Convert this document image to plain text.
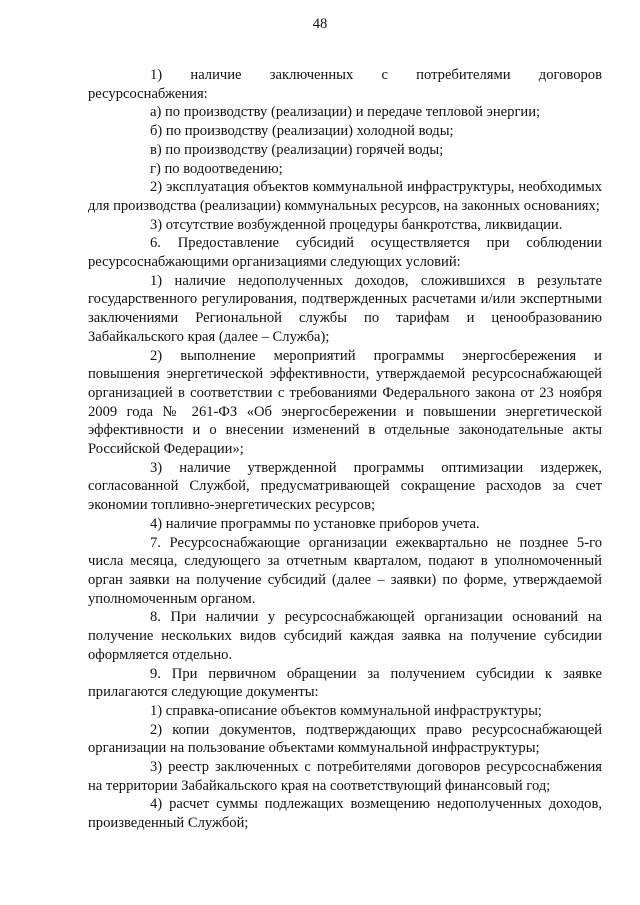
48

1) наличие заключенных с потребителями договоров ресурсоснабжения:

а) по производству (реализации) и передаче тепловой энергии;

б) по производству (реализации) холодной воды;

в) по производству (реализации) горячей воды;

г) по водоотведению;

2) эксплуатация объектов коммунальной инфраструктуры, необходимых для производства (реализации) коммунальных ресурсов, на законных основаниях;

3) отсутствие возбужденной процедуры банкротства, ликвидации.

6. Предоставление субсидий осуществляется при соблюдении ресурсоснабжающими организациями следующих условий:

1) наличие недополученных доходов, сложившихся в результате государственного регулирования, подтвержденных расчетами и/или экспертными заключениями Региональной службы по тарифам и ценообразованию Забайкальского края (далее – Служба);

2) выполнение мероприятий программы энергосбережения и повышения энергетической эффективности, утверждаемой ресурсоснабжающей организацией в соответствии с требованиями Федерального закона от 23 ноября 2009 года № 261-ФЗ «Об энергосбережении и повышении энергетической эффективности и о внесении изменений в отдельные законодательные акты Российской Федерации»;

3) наличие утвержденной программы оптимизации издержек, согласованной Службой, предусматривающей сокращение расходов за счет экономии топливно-энергетических ресурсов;

4) наличие программы по установке приборов учета.

7. Ресурсоснабжающие организации ежеквартально не позднее 5-го числа месяца, следующего за отчетным кварталом, подают в уполномоченный орган заявки на получение субсидий (далее – заявки) по форме, утверждаемой уполномоченным органом.

8. При наличии у ресурсоснабжающей организации оснований на получение нескольких видов субсидий каждая заявка на получение субсидии оформляется отдельно.

9. При первичном обращении за получением субсидии к заявке прилагаются следующие документы:

1) справка-описание объектов коммунальной инфраструктуры;

2) копии документов, подтверждающих право ресурсоснабжающей организации на пользование объектами коммунальной инфраструктуры;

3) реестр заключенных с потребителями договоров ресурсоснабжения на территории Забайкальского края на соответствующий финансовый год;

4) расчет суммы подлежащих возмещению недополученных доходов, произведенный Службой;
